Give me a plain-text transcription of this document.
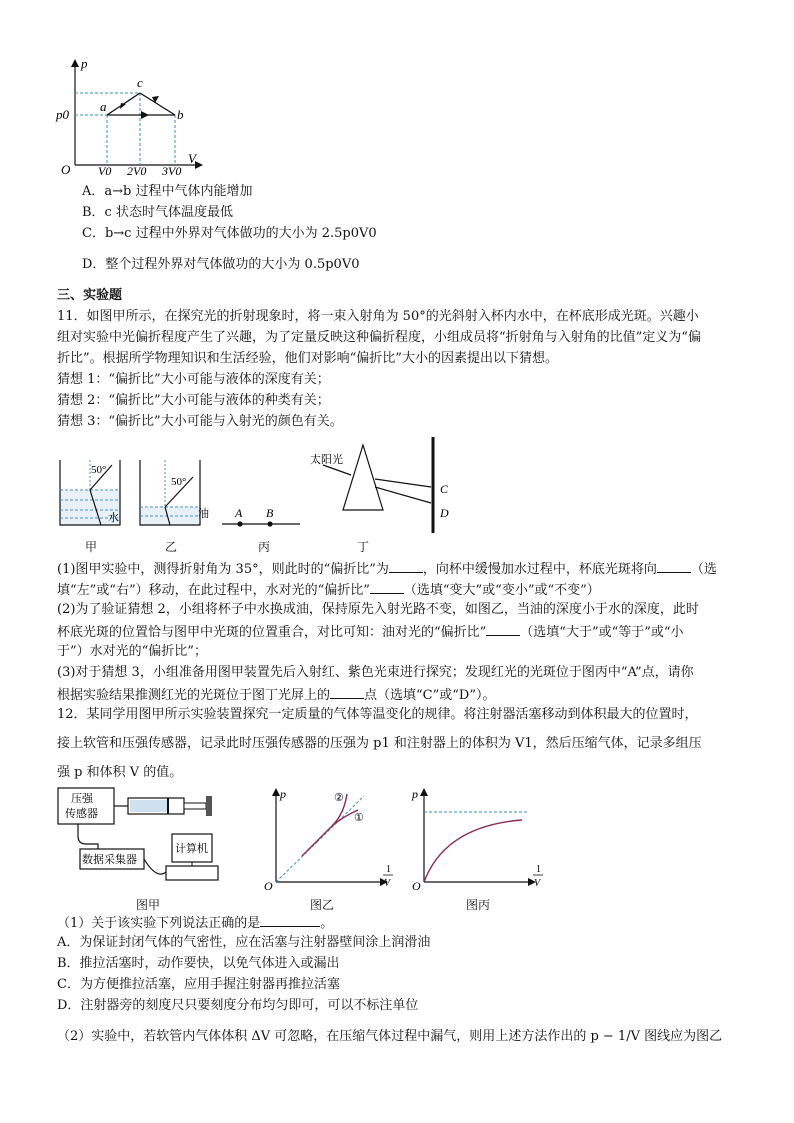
p
V
O
p0
a
b
c
V0 2V0 3V0
A．a→b 过程中气体内能增加
B．c 状态时气体温度最低
C．b→c 过程中外界对气体做功的大小为 2.5p0V0
D．整个过程外界对气体做功的大小为 0.5p0V0
三、实验题
11．如图甲所示，在探究光的折射现象时，将一束入射角为 50°的光斜射入杯内水中，在杯底形成光斑。兴趣小
组对实验中光偏折程度产生了兴趣，为了定量反映这种偏折程度，小组成员将“折射角与入射角的比值”定义为“偏
折比”。根据所学物理知识和生活经验，他们对影响“偏折比”大小的因素提出以下猜想。
猜想 1：“偏折比”大小可能与液体的深度有关；
猜想 2：“偏折比”大小可能与液体的种类有关；
猜想 3：“偏折比”大小可能与入射光的颜色有关。
50°
水
50°
油 A B
太阳光
C
D
甲	乙	丙	丁
(1)图甲实验中，测得折射角为 35°，则此时的“偏折比”为	，向杯中缓慢加水过程中，杯底光斑将向	（选
填“左”或“右”）移动，在此过程中，水对光的“偏折比”	（选填“变大”或“变小”或“不变”）
(2)为了验证猜想 2，小组将杯子中水换成油，保持原先入射光路不变，如图乙，当油的深度小于水的深度，此时
杯底光斑的位置恰与图甲中光斑的位置重合，对比可知：油对光的“偏折比”	（选填“大于”或“等于”或“小
于”）水对光的“偏折比”；
(3)对于猜想 3，小组准备用图甲装置先后入射红、紫色光束进行探究；发现红光的光斑位于图丙中“A”点，请你
根据实验结果推测红光的光斑位于图丁光屏上的	点（选填“C”或“D”）。
12．某同学用图甲所示实验装置探究一定质量的气体等温变化的规律。将注射器活塞移动到体积最大的位置时，
接上软管和压强传感器，记录此时压强传感器的压强为 p1 和注射器上的体积为 V1，然后压缩气体，记录多组压
强 p 和体积 V 的值。
压强
传感器
数据采集器
计算机
p
O
1
V
②
①
p
O
1
V
图甲	图乙	图丙
（1）关于该实验下列说法正确的是	。
A．为保证封闭气体的气密性，应在活塞与注射器壁间涂上润滑油
B．推拉活塞时，动作要快，以免气体进入或漏出
C．为方便推拉活塞，应用手握注射器再推拉活塞
D．注射器旁的刻度尺只要刻度分布均匀即可，可以不标注单位
（2）实验中，若软管内气体体积 ΔV 可忽略，在压缩气体过程中漏气，则用上述方法作出的 p − 1/V 图线应为图乙
